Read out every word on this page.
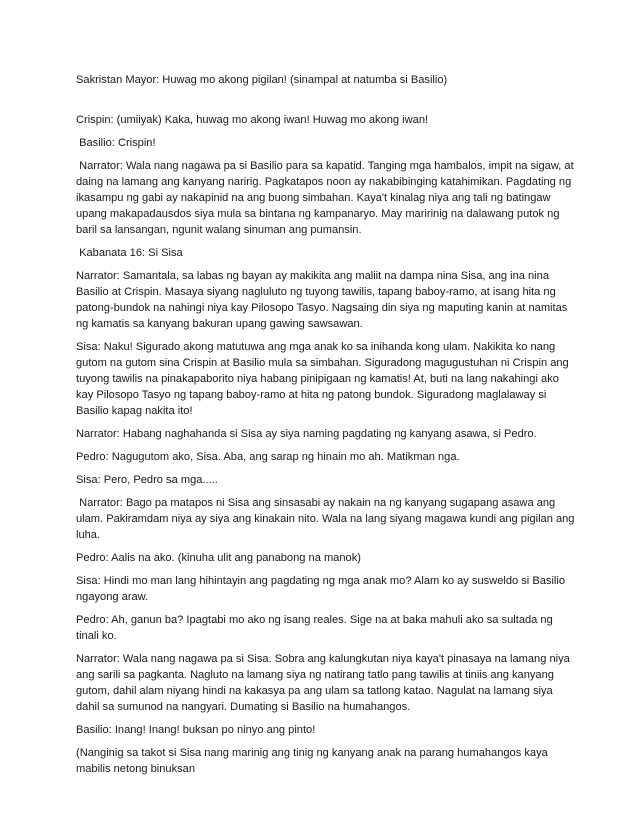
Sakristan Mayor: Huwag mo akong pigilan! (sinampal at natumba si Basilio)

Crispin: (umiiyak) Kaka, huwag mo akong iwan! Huwag mo akong iwan!

Basilio: Crispin!

Narrator: Wala nang nagawa pa si Basilio para sa kapatid. Tanging mga hambalos, impit na sigaw, at daing na lamang ang kanyang naririg. Pagkatapos noon ay nakabibinging katahimikan. Pagdating ng ikasampu ng gabi ay nakapinid na ang buong simbahan. Kaya't kinalag niya ang tali ng batingaw upang makapadausdos siya mula sa bintana ng kampanaryo. May maririnig na dalawang putok ng baril sa lansangan, ngunit walang sinuman ang pumansin.

Kabanata 16: Si Sisa

Narrator: Samantala, sa labas ng bayan ay makikita ang maliit na dampa nina Sisa, ang ina nina Basilio at Crispin. Masaya siyang nagluluto ng tuyong tawilis, tapang baboy-ramo, at isang hita ng patong-bundok na nahingi niya kay Pilosopo Tasyo. Nagsaing din siya ng maputing kanin at namitas ng kamatis sa kanyang bakuran upang gawing sawsawan.

Sisa: Naku! Sigurado akong matutuwa ang mga anak ko sa inihanda kong ulam. Nakikita ko nang gutom na gutom sina Crispin at Basilio mula sa simbahan. Siguradong magugustuhan ni Crispin ang tuyong tawilis na pinakapaborito niya habang pinipigaan ng kamatis! At, buti na lang nakahingi ako kay Pilosopo Tasyo ng tapang baboy-ramo at hita ng patong bundok. Siguradong maglalaway si Basilio kapag nakita ito!

Narrator: Habang naghahanda si Sisa ay siya naming pagdating ng kanyang asawa, si Pedro.

Pedro: Nagugutom ako, Sisa. Aba, ang sarap ng hinain mo ah. Matikman nga.

Sisa: Pero, Pedro sa mga.....

Narrator: Bago pa matapos ni Sisa ang sinsasabi ay nakain na ng kanyang sugapang asawa ang ulam. Pakiramdam niya ay siya ang kinakain nito. Wala na lang siyang magawa kundi ang pigilan ang luha.

Pedro: Aalis na ako. (kinuha ulit ang panabong na manok)

Sisa: Hindi mo man lang hihintayin ang pagdating ng mga anak mo? Alam ko ay susweldo si Basilio ngayong araw.

Pedro: Ah, ganun ba? Ipagtabi mo ako ng isang reales. Sige na at baka mahuli ako sa sultada ng tinali ko.

Narrator: Wala nang nagawa pa si Sisa. Sobra ang kalungkutan niya kaya't pinasaya na lamang niya ang sarili sa pagkanta. Nagluto na lamang siya ng natirang tatlo pang tawilis at tiniis ang kanyang gutom, dahil alam niyang hindi na kakasya pa ang ulam sa tatlong katao. Nagulat na lamang siya dahil sa sumunod na nangyari. Dumating si Basilio na humahangos.

Basilio: Inang! Inang! buksan po ninyo ang pinto!

(Nanginig sa takot si Sisa nang marinig ang tinig ng kanyang anak na parang humahangos kaya mabilis netong binuksan
